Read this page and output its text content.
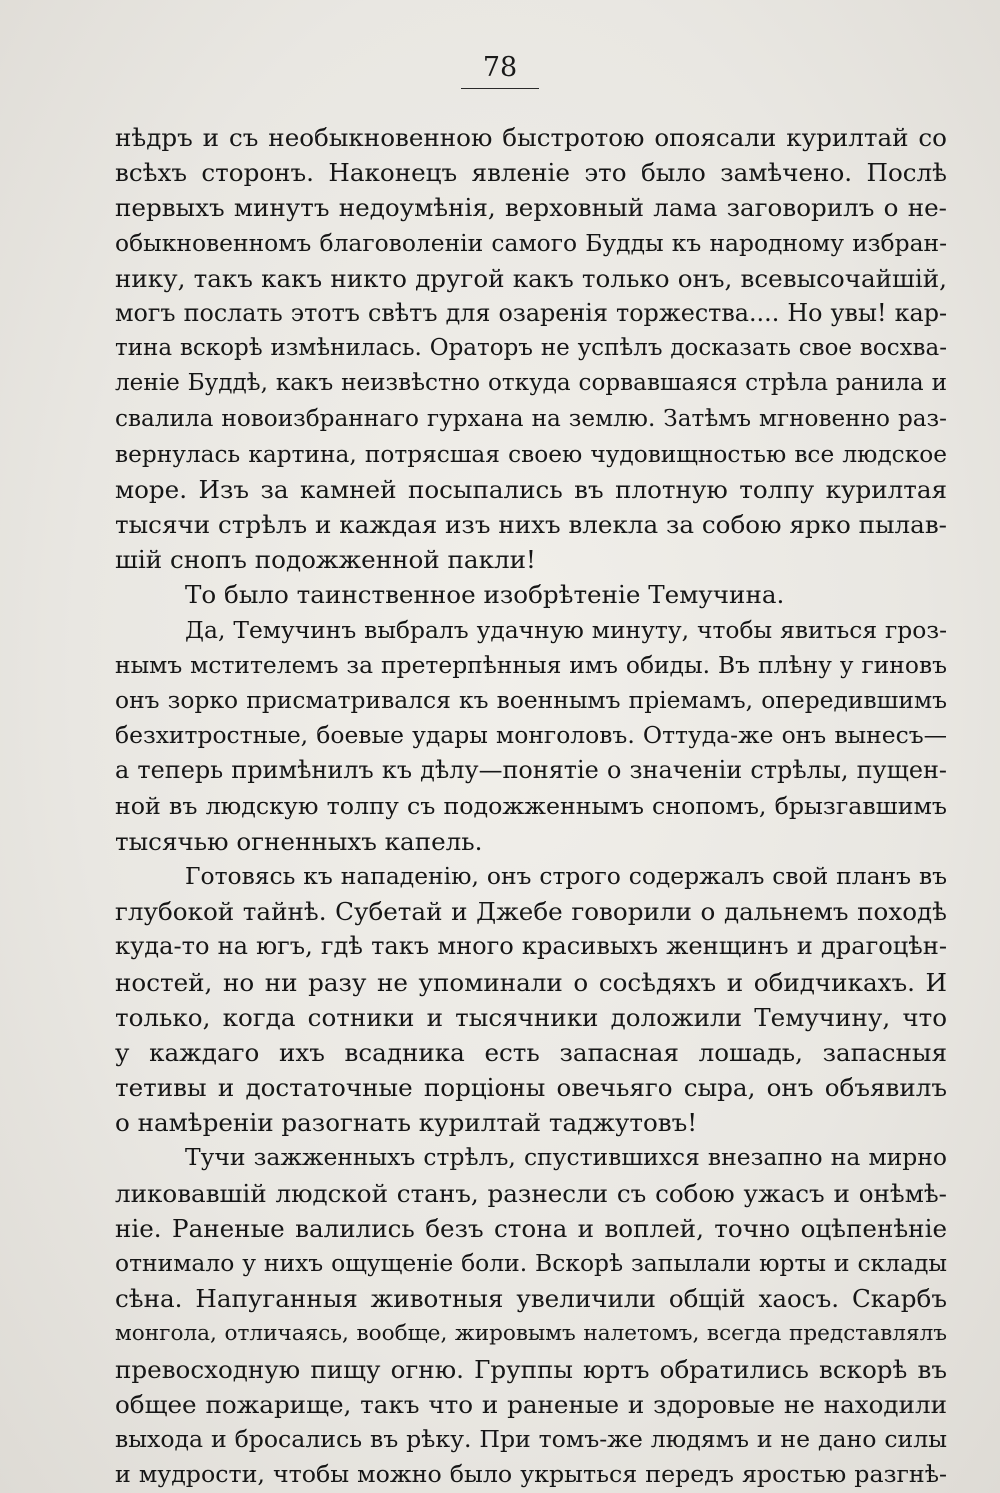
78
нѣдръ и съ необыкновенною быстротою опоясали курилтай со
всѣхъ сторонъ. Наконецъ явленіе это было замѣчено. Послѣ
первыхъ минутъ недоумѣнія, верховный лама заговорилъ о не-
обыкновенномъ благоволеніи самого Будды къ народному избран-
нику, такъ какъ никто другой какъ только онъ, всевысочайшій,
могъ послать этотъ свѣтъ для озаренія торжества.... Но увы! кар-
тина вскорѣ измѣнилась. Ораторъ не успѣлъ досказать свое восхва-
леніе Буддѣ, какъ неизвѣстно откуда сорвавшаяся стрѣла ранила и
свалила новоизбраннаго гурхана на землю. Затѣмъ мгновенно раз-
вернулась картина, потрясшая своею чудовищностью все людское
море. Изъ за камней посыпались въ плотную толпу курилтая
тысячи стрѣлъ и каждая изъ нихъ влекла за собою ярко пылав-
шій снопъ подожженной пакли!
То было таинственное изобрѣтеніе Темучина.
Да, Темучинъ выбралъ удачную минуту, чтобы явиться гроз-
нымъ мстителемъ за претерпѣнныя имъ обиды. Въ плѣну у гиновъ
онъ зорко присматривался къ военнымъ пріемамъ, опередившимъ
безхитростные, боевые удары монголовъ. Оттуда-же онъ вынесъ—
а теперь примѣнилъ къ дѣлу—понятіе о значеніи стрѣлы, пущен-
ной въ людскую толпу съ подожженнымъ снопомъ, брызгавшимъ
тысячью огненныхъ капель.
Готовясь къ нападенію, онъ строго содержалъ свой планъ въ
глубокой тайнѣ. Субетай и Джебе говорили о дальнемъ походѣ
куда-то на югъ, гдѣ такъ много красивыхъ женщинъ и драгоцѣн-
ностей, но ни разу не упоминали о сосѣдяхъ и обидчикахъ. И
только, когда сотники и тысячники доложили Темучину, что
у каждаго ихъ всадника есть запасная лошадь, запасныя
тетивы и достаточные порціоны овечьяго сыра, онъ объявилъ
о намѣреніи разогнать курилтай таджутовъ!
Тучи зажженныхъ стрѣлъ, спустившихся внезапно на мирно
ликовавшій людской станъ, разнесли съ собою ужасъ и онѣмѣ-
ніе. Раненые валились безъ стона и воплей, точно оцѣпенѣніе
отнимало у нихъ ощущеніе боли. Вскорѣ запылали юрты и склады
сѣна. Напуганныя животныя увеличили общій хаосъ. Скарбъ
монгола, отличаясь, вообще, жировымъ налетомъ, всегда представлялъ
превосходную пищу огню. Группы юртъ обратились вскорѣ въ
общее пожарище, такъ что и раненые и здоровые не находили
выхода и бросались въ рѣку. При томъ-же людямъ и не дано силы
и мудрости, чтобы можно было укрыться передъ яростью разгнѣ-
